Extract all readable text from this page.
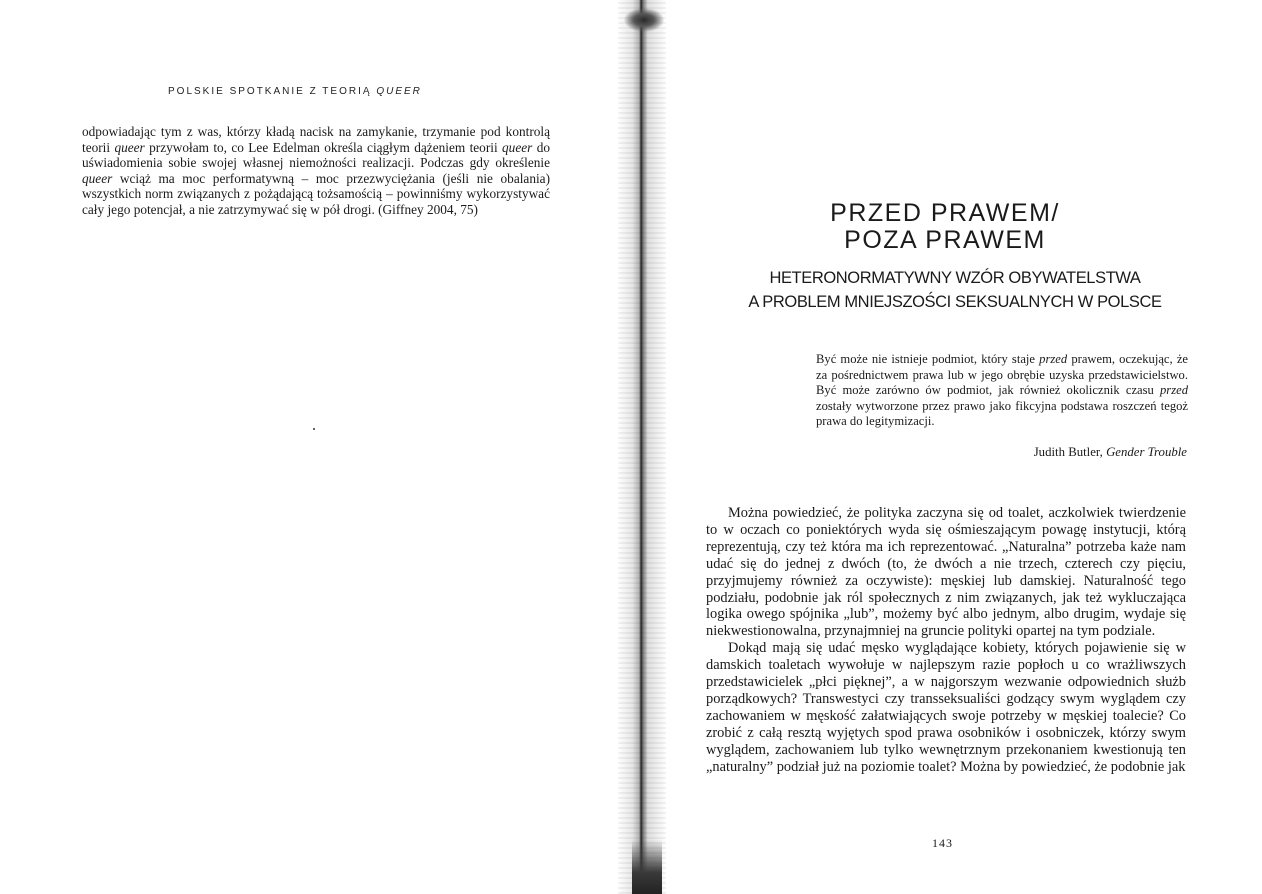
POLSKIE SPOTKANIE Z TEORIĄ QUEER

odpowiadając tym z was, którzy kładą nacisk na zamykanie, trzymanie pod kontrolą teorii queer przywołam to, co Lee Edelman określa ciągłym dążeniem teorii queer do uświadomienia sobie swojej własnej niemożności realizacji. Podczas gdy określenie queer wciąż ma moc performatywną – moc przezwyciężania (jeśli nie obalania) wszystkich norm związanych z pożądającą tożsamością – powinniśmy wykorzystywać cały jego potencjał, a nie zatrzymywać się w pół drogi. (Giffney 2004, 75)	PRZED PRAWEM/
POZA PRAWEM
HETERONORMATYWNY WZÓR OBYWATELSTWA
A PROBLEM MNIEJSZOŚCI SEKSUALNYCH W POLSCE

Być może nie istnieje podmiot, który staje przed prawem, oczekując, że za pośrednictwem prawa lub w jego obrębie uzyska przedstawicielstwo. Być może zarówno ów podmiot, jak również okolicznik czasu przed zostały wytworzone przez prawo jako fikcyjna podstawa roszczeń tegoż prawa do legitymizacji.

Judith Butler, Gender Trouble

Można powiedzieć, że polityka zaczyna się od toalet, aczkolwiek twierdzenie to w oczach co poniektórych wyda się ośmieszającym powagę instytucji, którą reprezentują, czy też która ma ich reprezentować. „Naturalna” potrzeba każe nam udać się do jednej z dwóch (to, że dwóch a nie trzech, czterech czy pięciu, przyjmujemy również za oczywiste): męskiej lub damskiej. Naturalność tego podziału, podobnie jak ról społecznych z nim związanych, jak też wykluczająca logika owego spójnika „lub”, możemy być albo jednym, albo drugim, wydaje się niekwestionowalna, przynajmniej na gruncie polityki opartej na tym podziale.

Dokąd mają się udać męsko wyglądające kobiety, których pojawienie się w damskich toaletach wywołuje w najlepszym razie popłoch u co wrażliwszych przedstawicielek „płci pięknej”, a w najgorszym wezwanie odpowiednich służb porządkowych? Transwestyci czy transseksualiści godzący swym wyglądem czy zachowaniem w męskość załatwiających swoje potrzeby w męskiej toalecie? Co zrobić z całą resztą wyjętych spod prawa osobników i osobniczek, którzy swym wyglądem, zachowaniem lub tylko wewnętrznym przekonaniem kwestionują ten „naturalny” podział już na poziomie toalet? Można by powiedzieć, że podobnie jak

143
